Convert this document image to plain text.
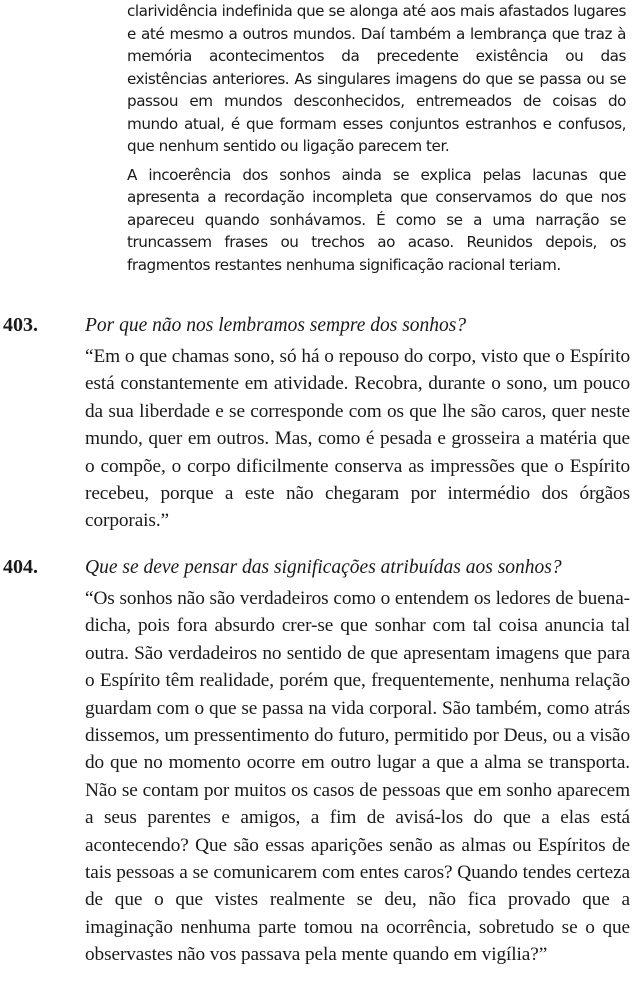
clarividência indefinida que se alonga até aos mais afastados lugares e até mesmo a outros mundos. Daí também a lembrança que traz à memória acontecimentos da precedente existência ou das existências anteriores. As singulares imagens do que se passa ou se passou em mundos desconhecidos, entremeados de coisas do mundo atual, é que formam esses conjuntos estranhos e confusos, que nenhum sentido ou ligação parecem ter.

A incoerência dos sonhos ainda se explica pelas lacunas que apresenta a recordação incompleta que conservamos do que nos apareceu quando sonhávamos. É como se a uma narração se truncassem frases ou trechos ao acaso. Reunidos depois, os fragmentos restantes nenhuma significação racional teriam.

403. Por que não nos lembramos sempre dos sonhos?

“Em o que chamas sono, só há o repouso do corpo, visto que o Espírito está constantemente em atividade. Recobra, durante o sono, um pouco da sua liberdade e se corresponde com os que lhe são caros, quer neste mundo, quer em outros. Mas, como é pesada e grosseira a matéria que o compõe, o corpo dificilmente conserva as impressões que o Espírito recebeu, porque a este não chegaram por intermédio dos órgãos corporais.”

404. Que se deve pensar das significações atribuídas aos sonhos?

“Os sonhos não são verdadeiros como o entendem os ledores de buena-dicha, pois fora absurdo crer-se que sonhar com tal coisa anuncia tal outra. São verdadeiros no sentido de que apresentam imagens que para o Espírito têm realidade, porém que, frequentemente, nenhuma relação guardam com o que se passa na vida corporal. São também, como atrás dissemos, um pressentimento do futuro, permitido por Deus, ou a visão do que no momento ocorre em outro lugar a que a alma se transporta. Não se contam por muitos os casos de pessoas que em sonho aparecem a seus parentes e amigos, a fim de avisá-los do que a elas está acontecendo? Que são essas aparições senão as almas ou Espíritos de tais pessoas a se comunicarem com entes caros? Quando tendes certeza de que o que vistes realmente se deu, não fica provado que a imaginação nenhuma parte tomou na ocorrência, sobretudo se o que observastes não vos passava pela mente quando em vigília?”
